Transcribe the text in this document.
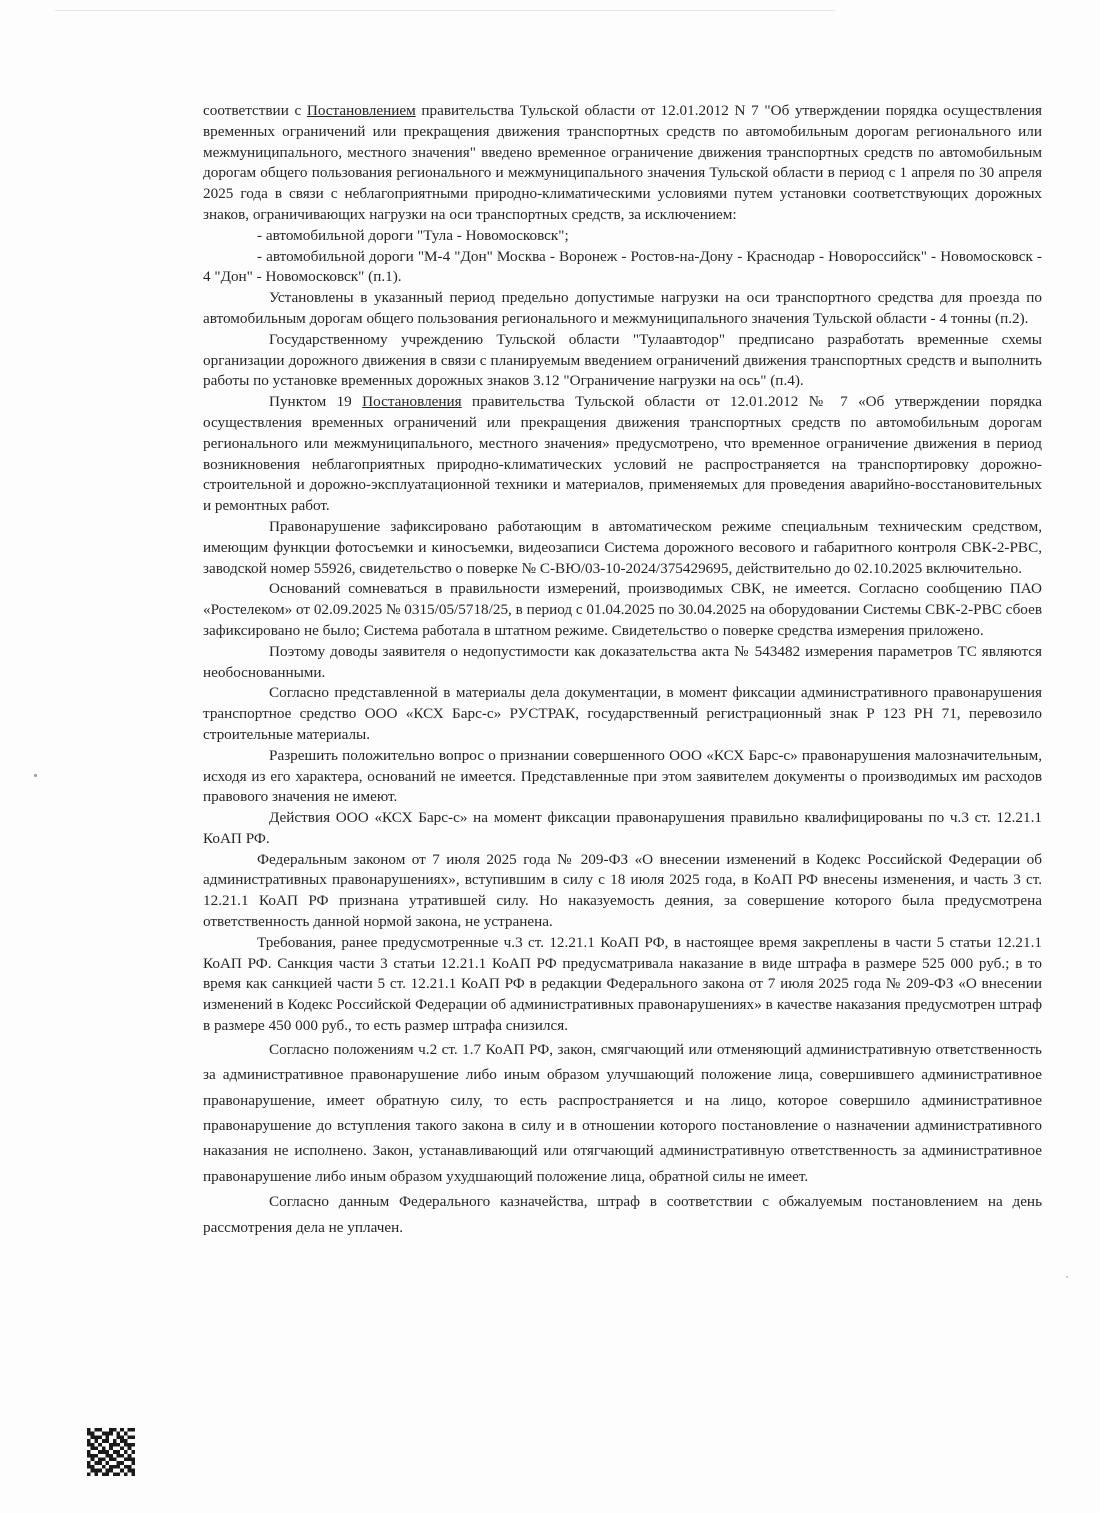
соответствии с Постановлением правительства Тульской области от 12.01.2012 N 7 "Об утверждении порядка осуществления временных ограничений или прекращения движения транспортных средств по автомобильным дорогам регионального или межмуниципального, местного значения" введено временное ограничение движения транспортных средств по автомобильным дорогам общего пользования регионального и межмуниципального значения Тульской области в период с 1 апреля по 30 апреля 2025 года в связи с неблагоприятными природно-климатическими условиями путем установки соответствующих дорожных знаков, ограничивающих нагрузки на оси транспортных средств, за исключением:

- автомобильной дороги "Тула - Новомосковск";

- автомобильной дороги "М-4 "Дон" Москва - Воронеж - Ростов-на-Дону - Краснодар - Новороссийск" - Новомосковск - 4 "Дон" - Новомосковск" (п.1).

Установлены в указанный период предельно допустимые нагрузки на оси транспортного средства для проезда по автомобильным дорогам общего пользования регионального и межмуниципального значения Тульской области - 4 тонны (п.2).

Государственному учреждению Тульской области "Тулаавтодор" предписано разработать временные схемы организации дорожного движения в связи с планируемым введением ограничений движения транспортных средств и выполнить работы по установке временных дорожных знаков 3.12 "Ограничение нагрузки на ось" (п.4).

Пунктом 19 Постановления правительства Тульской области от 12.01.2012 № 7 «Об утверждении порядка осуществления временных ограничений или прекращения движения транспортных средств по автомобильным дорогам регионального или межмуниципального, местного значения» предусмотрено, что временное ограничение движения в период возникновения неблагоприятных природно-климатических условий не распространяется на транспортировку дорожно-строительной и дорожно-эксплуатационной техники и материалов, применяемых для проведения аварийно-восстановительных и ремонтных работ.

Правонарушение зафиксировано работающим в автоматическом режиме специальным техническим средством, имеющим функции фотосъемки и киносъемки, видеозаписи Система дорожного весового и габаритного контроля СВК-2-РВС, заводской номер 55926, свидетельство о поверке № С-ВЮ/03-10-2024/375429695, действительно до 02.10.2025 включительно.

Оснований сомневаться в правильности измерений, производимых СВК, не имеется. Согласно сообщению ПАО «Ростелеком» от 02.09.2025 № 0315/05/5718/25, в период с 01.04.2025 по 30.04.2025 на оборудовании Системы СВК-2-РВС сбоев зафиксировано не было; Система работала в штатном режиме. Свидетельство о поверке средства измерения приложено.

Поэтому доводы заявителя о недопустимости как доказательства акта № 543482 измерения параметров ТС являются необоснованными.

Согласно представленной в материалы дела документации, в момент фиксации административного правонарушения транспортное средство ООО «КСХ Барс-с» РУСТРАК, государственный регистрационный знак Р 123 РН 71, перевозило строительные материалы.

Разрешить положительно вопрос о признании совершенного ООО «КСХ Барс-с» правонарушения малозначительным, исходя из его характера, оснований не имеется. Представленные при этом заявителем документы о производимых им расходов правового значения не имеют.

Действия ООО «КСХ Барс-с» на момент фиксации правонарушения правильно квалифицированы по ч.3 ст. 12.21.1 КоАП РФ.

Федеральным законом от 7 июля 2025 года № 209-ФЗ «О внесении изменений в Кодекс Российской Федерации об административных правонарушениях», вступившим в силу с 18 июля 2025 года, в КоАП РФ внесены изменения, и часть 3 ст. 12.21.1 КоАП РФ признана утратившей силу. Но наказуемость деяния, за совершение которого была предусмотрена ответственность данной нормой закона, не устранена.

Требования, ранее предусмотренные ч.3 ст. 12.21.1 КоАП РФ, в настоящее время закреплены в части 5 статьи 12.21.1 КоАП РФ. Санкция части 3 статьи 12.21.1 КоАП РФ предусматривала наказание в виде штрафа в размере 525 000 руб.; в то время как санкцией части 5 ст. 12.21.1 КоАП РФ в редакции Федерального закона от 7 июля 2025 года № 209-ФЗ «О внесении изменений в Кодекс Российской Федерации об административных правонарушениях» в качестве наказания предусмотрен штраф в размере 450 000 руб., то есть размер штрафа снизился.

Согласно положениям ч.2 ст. 1.7 КоАП РФ, закон, смягчающий или отменяющий административную ответственность за административное правонарушение либо иным образом улучшающий положение лица, совершившего административное правонарушение, имеет обратную силу, то есть распространяется и на лицо, которое совершило административное правонарушение до вступления такого закона в силу и в отношении которого постановление о назначении административного наказания не исполнено. Закон, устанавливающий или отягчающий административную ответственность за административное правонарушение либо иным образом ухудшающий положение лица, обратной силы не имеет.

Согласно данным Федерального казначейства, штраф в соответствии с обжалуемым постановлением на день рассмотрения дела не уплачен.
